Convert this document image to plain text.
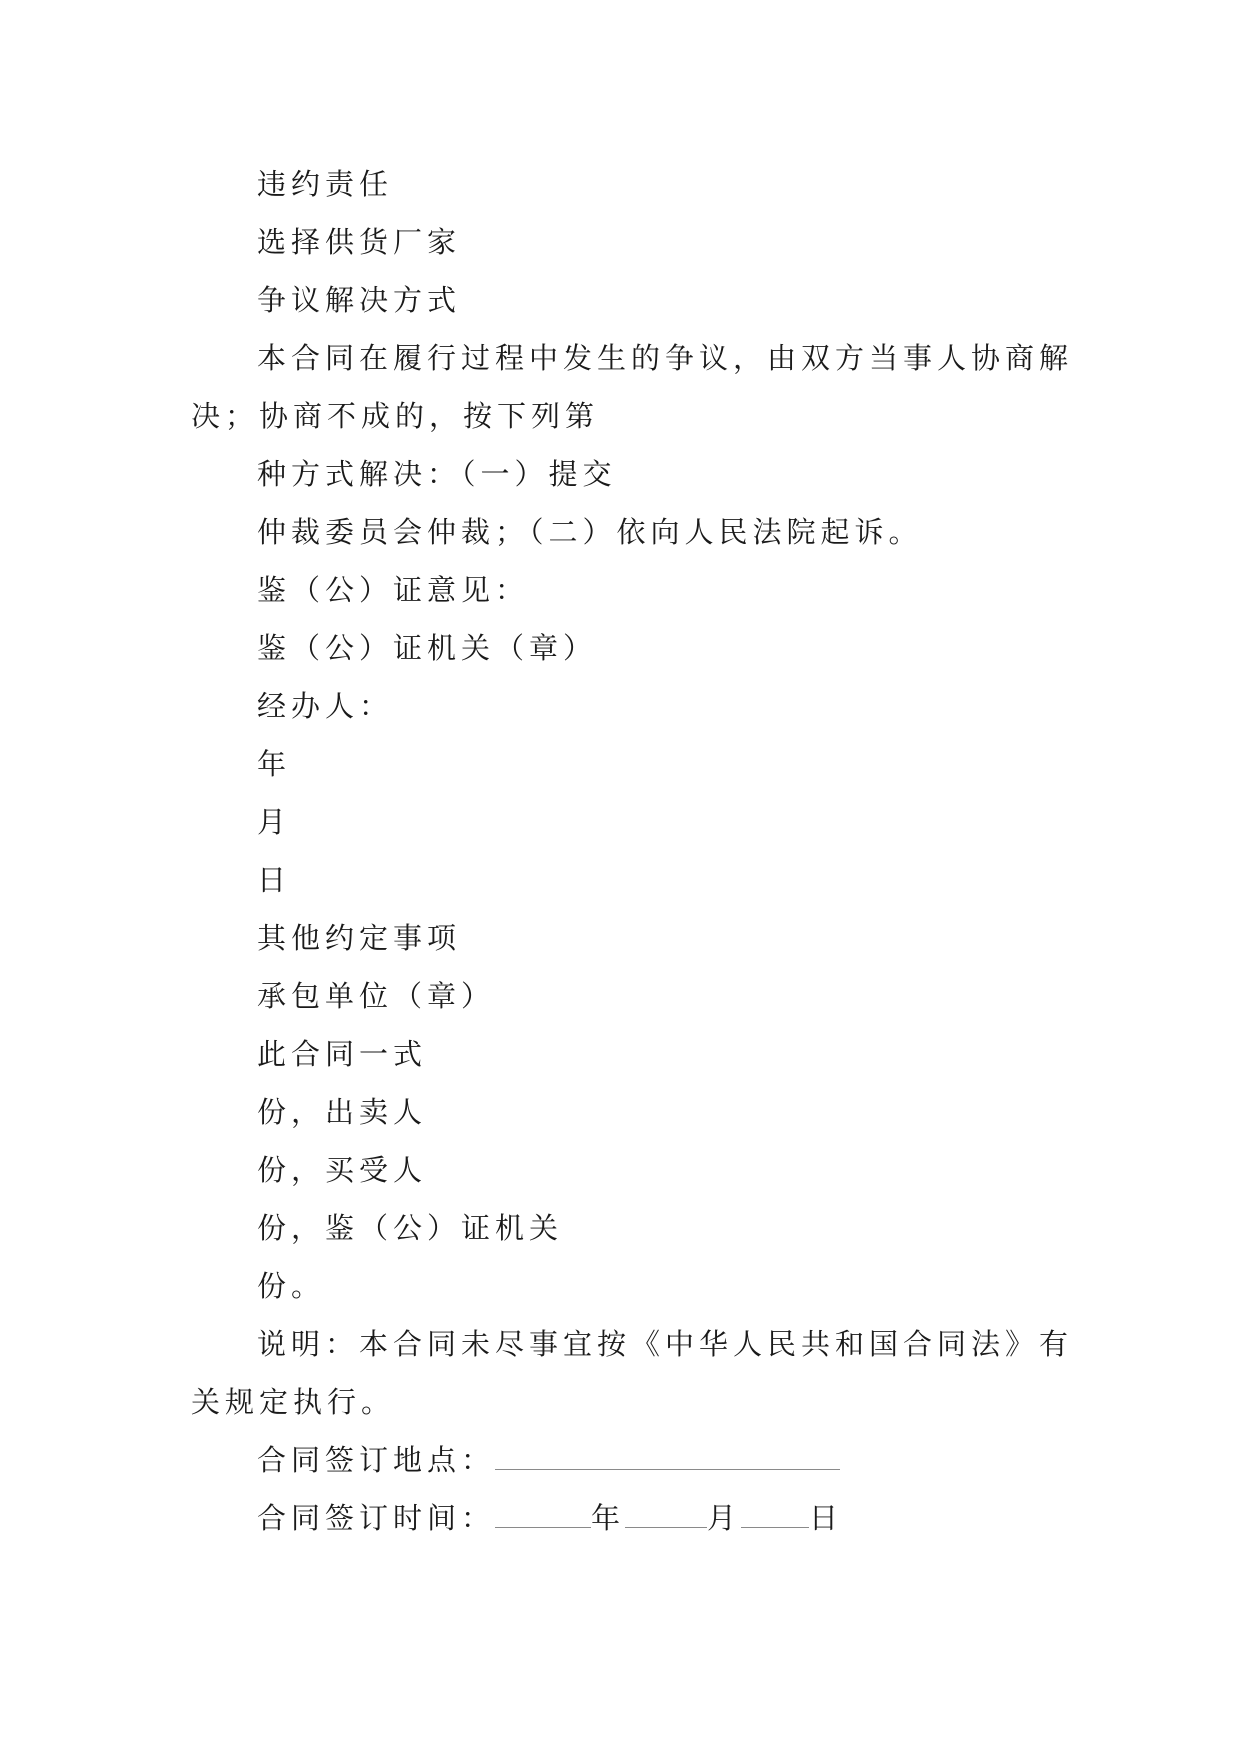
违约责任
选择供货厂家
争议解决方式
本合同在履行过程中发生的争议，由双方当事人协商解
决；协商不成的，按下列第
种方式解决：（一）提交
仲裁委员会仲裁；（二）依向人民法院起诉。
鉴（公）证意见：
鉴（公）证机关（章）
经办人：
年
月
日
其他约定事项
承包单位（章）
此合同一式
份，出卖人
份，买受人
份，鉴（公）证机关
份。
说明：本合同未尽事宜按《中华人民共和国合同法》有
关规定执行。
合同签订地点：
合同签订时间：	年	月 日
